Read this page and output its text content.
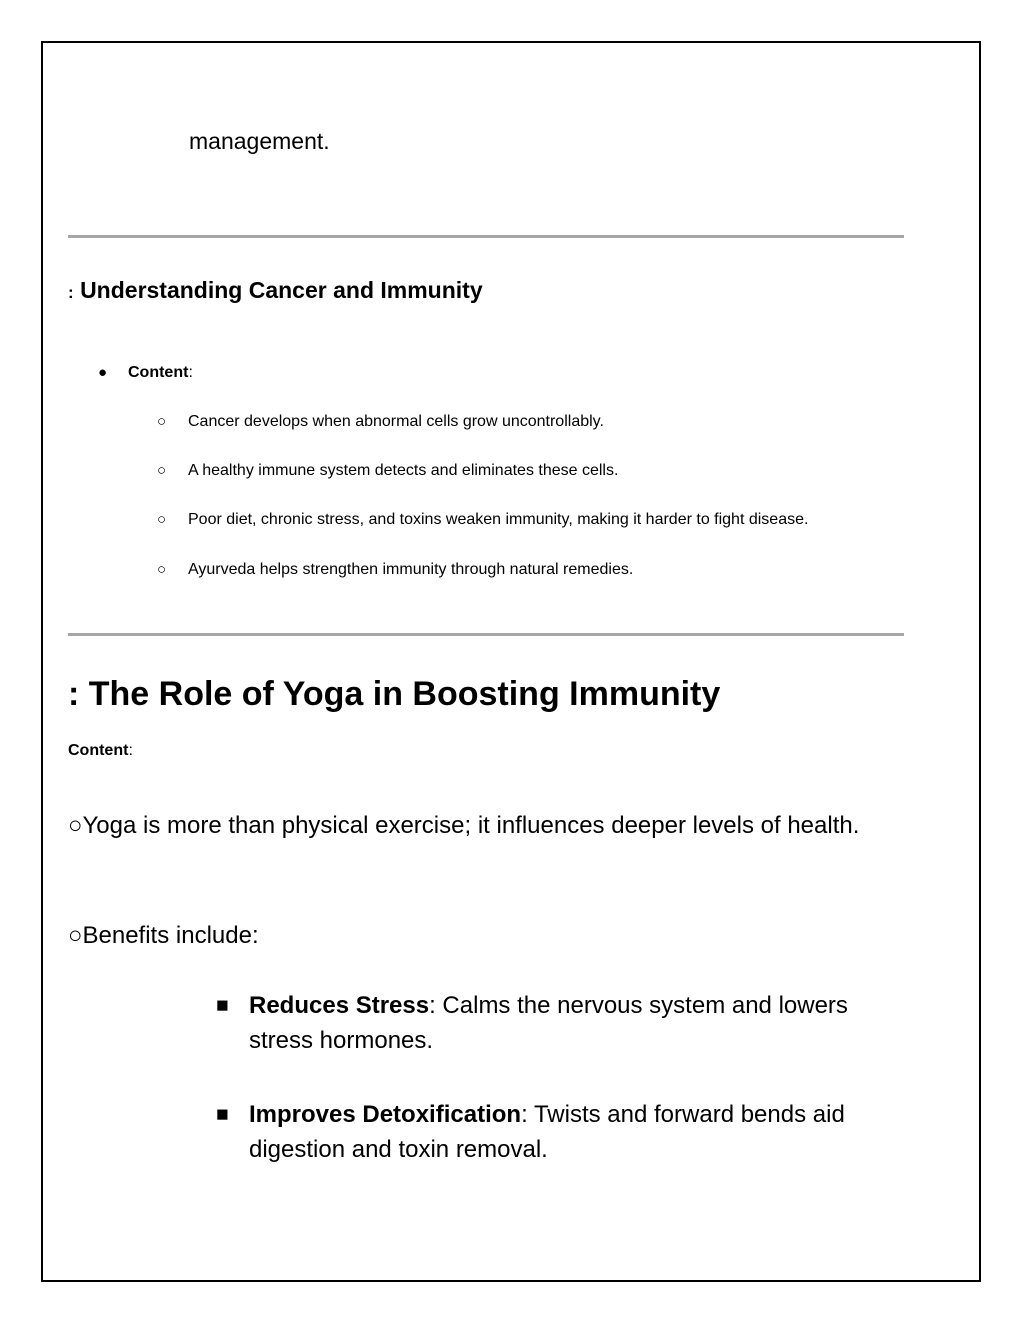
management.
: Understanding Cancer and Immunity
● Content:
○ Cancer develops when abnormal cells grow uncontrollably.
○ A healthy immune system detects and eliminates these cells.
○ Poor diet, chronic stress, and toxins weaken immunity, making it harder to fight disease.
○ Ayurveda helps strengthen immunity through natural remedies.
: The Role of Yoga in Boosting Immunity
Content:
○Yoga is more than physical exercise; it influences deeper levels of health.
○Benefits include:
■ Reduces Stress: Calms the nervous system and lowers stress hormones.
■ Improves Detoxification: Twists and forward bends aid digestion and toxin removal.
